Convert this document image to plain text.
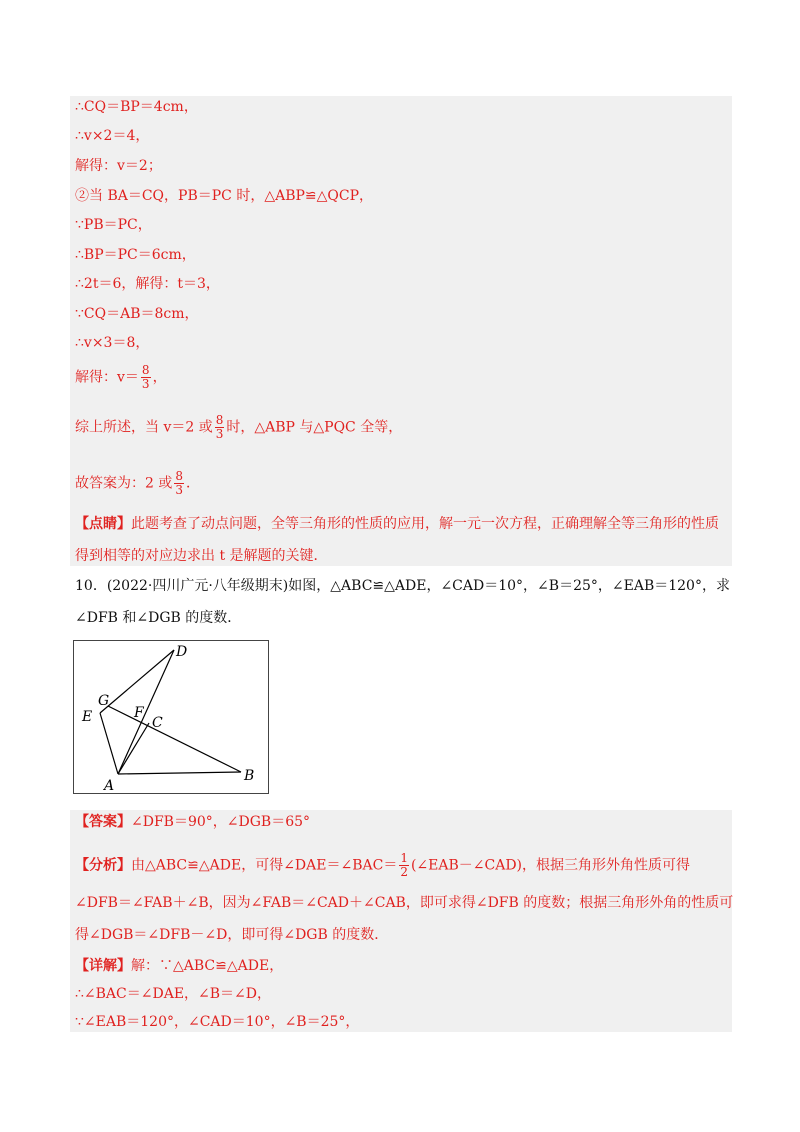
∴CQ＝BP＝4cm，
∴v×2＝4，
解得：v＝2；
②当 BA＝CQ，PB＝PC 时，△ABP≌△QCP，
∵PB＝PC，
∴BP＝PC＝6cm，
∴2t＝6，解得：t＝3，
∵CQ＝AB＝8cm，
∴v×3＝8，
解得：$v= \frac{8}{3}$ ，
综上所述，当 v＝2 或 $\frac{8}{3}$ 时，△ABP 与△PQC 全等，
故答案为：2 或 $\frac{8}{3}$ ．
【点睛】此题考查了动点问题，全等三角形的性质的应用，解一元一次方程，正确理解全等三角形的性质
得到相等的对应边求出 t 是解题的关键．
10．(2022·四川广元·八年级期末)如图，△ABC≌△ADE，∠CAD＝10°，∠B＝25°，∠EAB＝120°，求
∠DFB 和∠DGB 的度数．
D
G
E	F
C
A
B
【答案】∠DFB＝90°，∠DGB＝65°
【分析】由△ABC≌△ADE，可得∠DAE＝∠BAC＝ $\frac{1}{2}$ (∠EAB－∠CAD)，根据三角形外角性质可得
∠DFB＝∠FAB＋∠B，因为∠FAB＝∠CAD＋∠CAB，即可求得∠DFB 的度数；根据三角形外角的性质可
得∠DGB＝∠DFB－∠D，即可得∠DGB 的度数．
【详解】解：∵△ABC≌△ADE，
∴∠BAC＝∠DAE，∠B＝∠D，
∵∠EAB＝120°，∠CAD＝10°，∠B＝25°，
